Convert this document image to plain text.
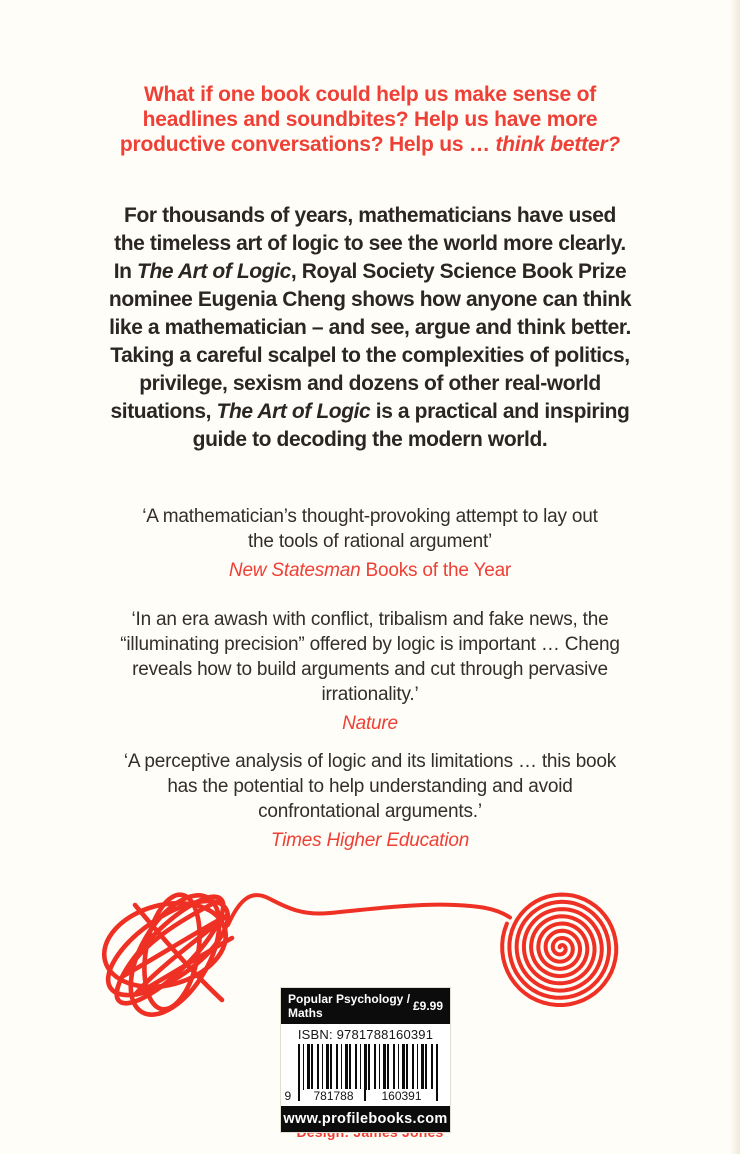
What if one book could help us make sense of
headlines and soundbites? Help us have more
productive conversations? Help us … think better?
For thousands of years, mathematicians have used
the timeless art of logic to see the world more clearly.
In The Art of Logic, Royal Society Science Book Prize
nominee Eugenia Cheng shows how anyone can think
like a mathematician – and see, argue and think better.
Taking a careful scalpel to the complexities of politics,
privilege, sexism and dozens of other real-world
situations, The Art of Logic is a practical and inspiring
guide to decoding the modern world.
‘A mathematician’s thought-provoking attempt to lay out
the tools of rational argument’
New Statesman Books of the Year
‘In an era awash with conflict, tribalism and fake news, the
“illuminating precision” offered by logic is important … Cheng
reveals how to build arguments and cut through pervasive
irrationality.’
Nature
‘A perceptive analysis of logic and its limitations … this book
has the potential to help understanding and avoid
confrontational arguments.’
Times Higher Education
Popular Psychology / Maths	£9.99
ISBN: 9781788160391
9	781788	160391
www.profilebooks.com
